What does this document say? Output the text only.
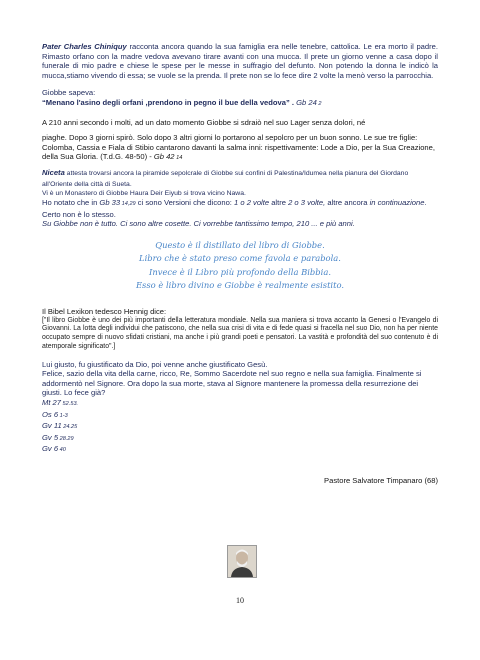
Pater Charles Chiniquy racconta ancora quando la sua famiglia era nelle tenebre, cattolica. Le era morto il padre. Rimasto orfano con la madre vedova avevano tirare avanti con una mucca. Il prete un giorno venne a casa dopo il funerale di mio padre e chiese le spese per le messe in suffragio del defunto. Non potendo la donna le indicò la mucca,stiamo vivendo di essa; se vuole se la prenda. Il prete non se lo fece dire 2 volte la menò verso la parrocchia.

Giobbe sapeva:

“Menano l'asino degli orfani ,prendono in pegno il bue della vedova” . Gb 24 2

A 210 anni secondo i molti, ad un dato momento Giobbe si sdraiò nel suo Lager senza dolori, né

piaghe. Dopo 3 giorni spirò. Solo dopo 3 altri giorni lo portarono al sepolcro per un buon sonno. Le sue tre figlie: Colomba, Cassia e Fiala di Stibio cantarono davanti la salma inni: rispettivamente: Lode a Dio, per la Sua Creazione, della Sua Gloria. (T.d.G. 48-50) - Gb 42 14

Niceta attesta trovarsi ancora la piramide sepolcrale di Giobbe sui confini di Palestina/Idumea nella pianura del Giordano all'Oriente della città di Sueta.

Vi è un Monastero di Giobbe Haura Deir Eiyub si trova vicino Nawa.

Ho notato che in Gb 33 14,29 ci sono Versioni che dicono: 1 o 2 volte altre 2 o 3 volte, altre ancora in continuazione. Certo non è lo stesso.

Su Giobbe non è tutto. Ci sono altre cosette. Ci vorrebbe tantissimo tempo, 210 ... e più anni.

Questo è il distillato del libro di Giobbe.

Libro che è stato preso come favola e parabola.

Invece è il Libro più profondo della Bibbia.

Esso è libro divino e Giobbe è realmente esistito.

Il Bibel Lexikon tedesco Hennig dice:

["Il libro Giobbe è uno dei più importanti della letteratura mondiale. Nella sua maniera si trova accanto la Genesi o l'Evangelo di Giovanni. La lotta degli individui che patiscono, che nella sua crisi di vita e di fede quasi si fracella nel suo Dio, non ha per niente occupato sempre di nuovo sfidati cristiani, ma anche i più grandi poeti e pensatori. La vastità e profondità del suo contenuto è di atemporale significato".]

Lui giusto, fu giustificato da Dio, poi venne anche giustificato Gesù.

Felice, sazio della vita della carne, ricco, Re, Sommo Sacerdote nel suo regno e nella sua famiglia. Finalmente si addormentò nel Signore. Ora dopo la sua morte, stava al Signore mantenere la promessa della resurrezione dei giusti. Lo fece già?

Mt 27 52.53.
Os 6 1-3
Gv 11 24.25
Gv 5 28.29
Gv 6 40

Pastore Salvatore Timpanaro (68)

10
